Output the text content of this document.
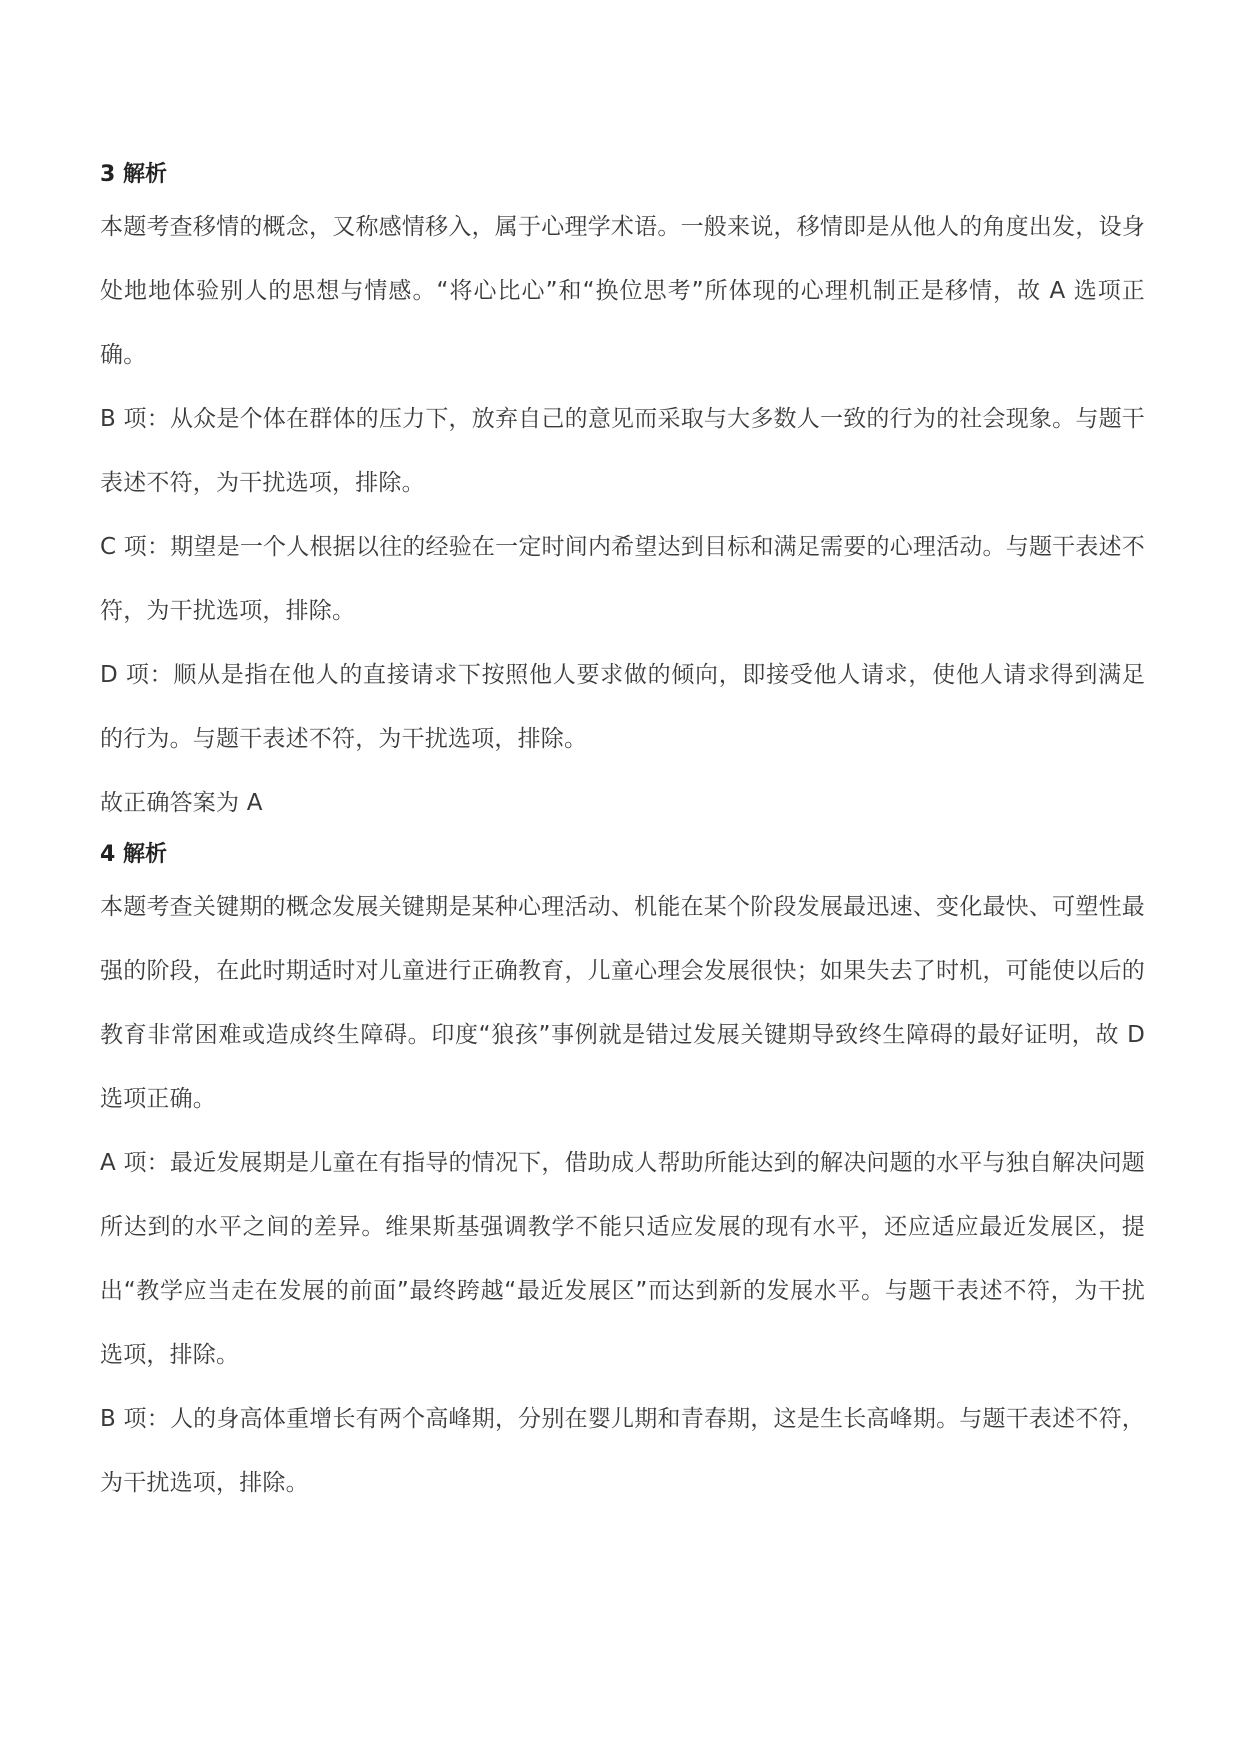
3 解析

本题考查移情的概念，又称感情移入，属于心理学术语。一般来说，移情即是从他人的角度出发，设身处地地体验别人的思想与情感。“将心比心”和“换位思考”所体现的心理机制正是移情，故 A 选项正确。

B 项：从众是个体在群体的压力下，放弃自己的意见而采取与大多数人一致的行为的社会现象。与题干表述不符，为干扰选项，排除。

C 项：期望是一个人根据以往的经验在一定时间内希望达到目标和满足需要的心理活动。与题干表述不符，为干扰选项，排除。

D 项：顺从是指在他人的直接请求下按照他人要求做的倾向，即接受他人请求，使他人请求得到满足的行为。与题干表述不符，为干扰选项，排除。

故正确答案为 A

4 解析

本题考查关键期的概念发展关键期是某种心理活动、机能在某个阶段发展最迅速、变化最快、可塑性最强的阶段，在此时期适时对儿童进行正确教育，儿童心理会发展很快；如果失去了时机，可能使以后的教育非常困难或造成终生障碍。印度“狼孩”事例就是错过发展关键期导致终生障碍的最好证明，故 D 选项正确。

A 项：最近发展期是儿童在有指导的情况下，借助成人帮助所能达到的解决问题的水平与独自解决问题所达到的水平之间的差异。维果斯基强调教学不能只适应发展的现有水平，还应适应最近发展区，提出“教学应当走在发展的前面”最终跨越“最近发展区”而达到新的发展水平。与题干表述不符，为干扰选项，排除。

B 项：人的身高体重增长有两个高峰期，分别在婴儿期和青春期，这是生长高峰期。与题干表述不符，为干扰选项，排除。
